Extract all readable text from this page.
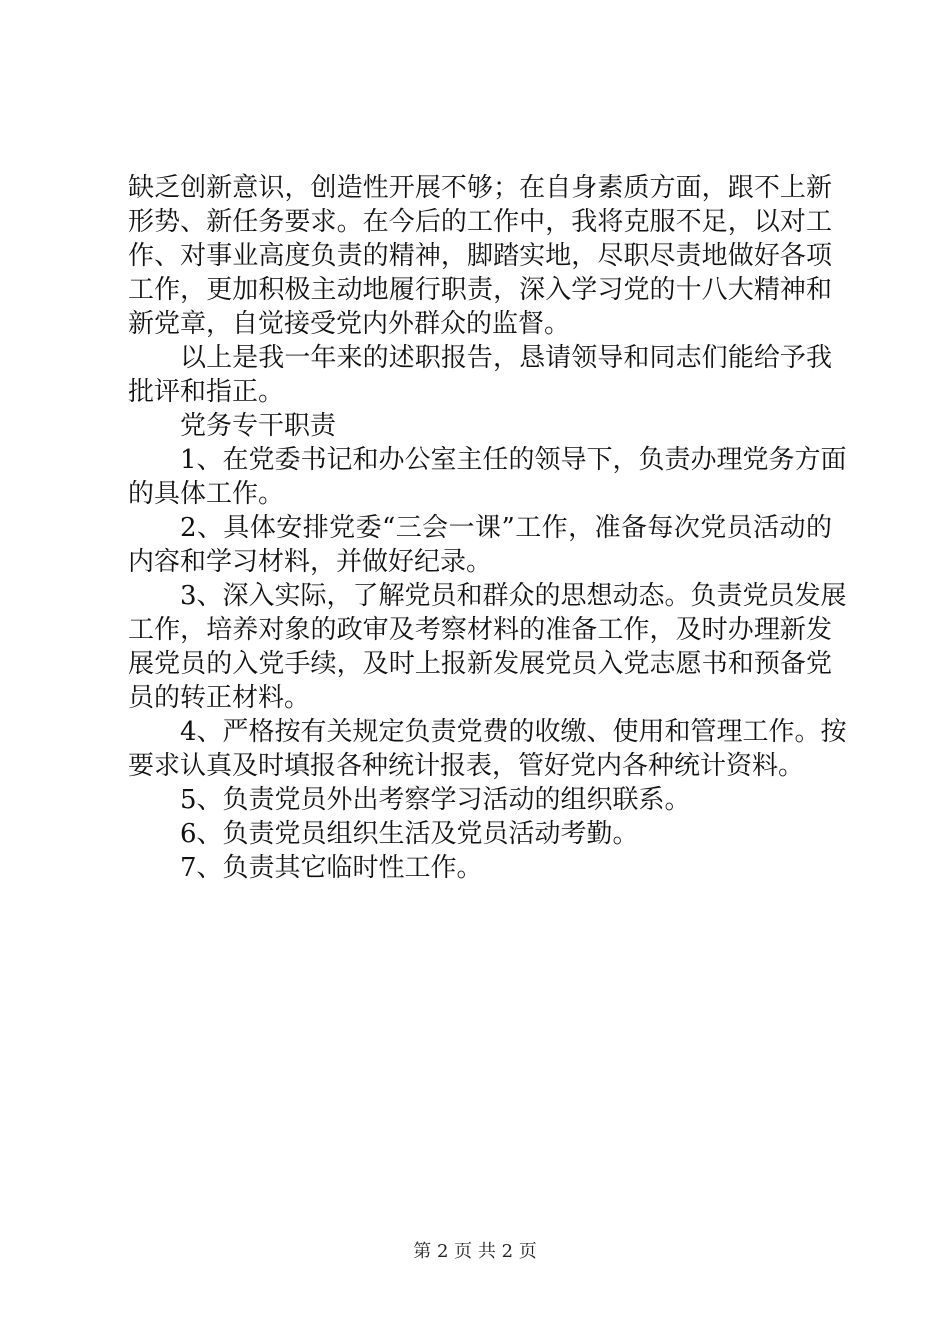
缺乏创新意识，创造性开展不够；在自身素质方面，跟不上新
形势、新任务要求。在今后的工作中，我将克服不足，以对工
作、对事业高度负责的精神，脚踏实地，尽职尽责地做好各项
工作，更加积极主动地履行职责，深入学习党的十八大精神和
新党章，自觉接受党内外群众的监督。
以上是我一年来的述职报告，恳请领导和同志们能给予我
批评和指正。
党务专干职责
1、在党委书记和办公室主任的领导下，负责办理党务方面
的具体工作。
2、具体安排党委“三会一课”工作，准备每次党员活动的
内容和学习材料，并做好纪录。
3、深入实际，了解党员和群众的思想动态。负责党员发展
工作，培养对象的政审及考察材料的准备工作，及时办理新发
展党员的入党手续，及时上报新发展党员入党志愿书和预备党
员的转正材料。
4、严格按有关规定负责党费的收缴、使用和管理工作。按
要求认真及时填报各种统计报表，管好党内各种统计资料。
5、负责党员外出考察学习活动的组织联系。
6、负责党员组织生活及党员活动考勤。
7、负责其它临时性工作。
第 2 页 共 2 页
